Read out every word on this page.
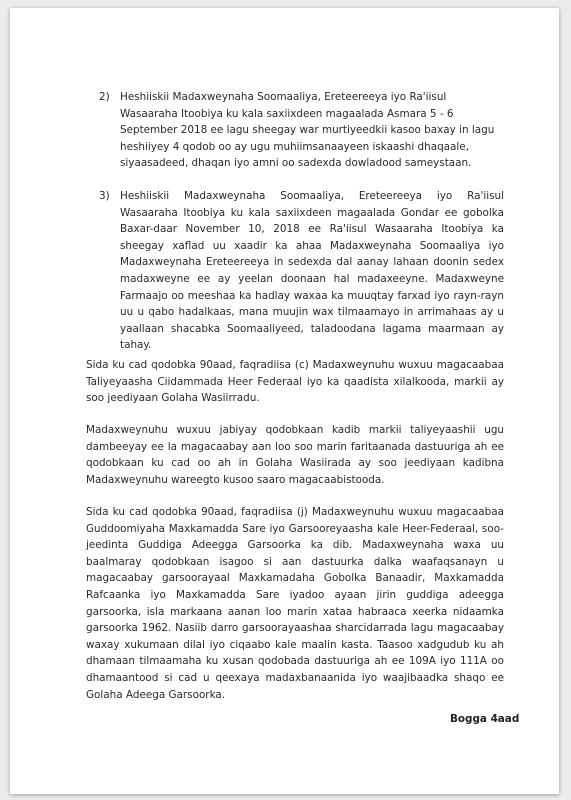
2) Heshiiskii Madaxweynaha Soomaaliya, Ereteereeya iyo Ra'iisul Wasaaraha Itoobiya ku kala saxiixdeen magaalada Asmara 5 - 6 September 2018 ee lagu sheegay war murtiyeedkii kasoo baxay in lagu heshiiyey 4 qodob oo ay ugu muhiimsanaayeen iskaashi dhaqaale, siyaasadeed, dhaqan iyo amni oo sadexda dowladood sameystaan.
3) Heshiiskii Madaxweynaha Soomaaliya, Ereteereeya iyo Ra'iisul Wasaaraha Itoobiya ku kala saxiixdeen magaalada Gondar ee gobolka Baxar-daar November 10, 2018 ee Ra'iisul Wasaaraha Itoobiya ka sheegay xaflad uu xaadir ka ahaa Madaxweynaha Soomaaliya iyo Madaxweynaha Ereteereeya in sedexda dal aanay lahaan doonin sedex madaxweyne ee ay yeelan doonaan hal madaxeeyne. Madaxweyne Farmaajo oo meeshaa ka hadlay waxaa ka muuqtay farxad iyo rayn-rayn uu u qabo hadalkaas, mana muujin wax tilmaamayo in arrimahaas ay u yaallaan shacabka Soomaaliyeed, taladoodana lagama maarmaan ay tahay.

Sida ku cad qodobka 90aad, faqradiisa (c) Madaxweynuhu wuxuu magacaabaa Taliyeyaasha Ciidammada Heer Federaal iyo ka qaadista xilalkooda, markii ay soo jeediyaan Golaha Wasiirradu.

Madaxweynuhu wuxuu jabiyay qodobkaan kadib markii taliyeyaashii ugu dambeeyay ee la magacaabay aan loo soo marin faritaanada dastuuriga ah ee qodobkaan ku cad oo ah in Golaha Wasiirada ay soo jeediyaan kadibna Madaxweynuhu wareegto kusoo saaro magacaabistooda.

Sida ku cad qodobka 90aad, faqradiisa (j) Madaxweynuhu wuxuu magacaabaa Guddoomiyaha Maxkamadda Sare iyo Garsooreyaasha kale Heer-Federaal, soo-jeedinta Guddiga Adeegga Garsoorka ka dib. Madaxweynaha waxa uu baalmaray qodobkaan isagoo si aan dastuurka dalka waafaqsanayn u magacaabay garsoorayaal Maxkamadaha Gobolka Banaadir, Maxkamadda Rafcaanka iyo Maxkamadda Sare iyadoo ayaan jirin guddiga adeegga garsoorka, isla markaana aanan loo marin xataa habraaca xeerka nidaamka garsoorka 1962. Nasiib darro garsoorayaashaa sharcidarrada lagu magacaabay waxay xukumaan dilal iyo ciqaabo kale maalin kasta. Taasoo xadgudub ku ah dhamaan tilmaamaha ku xusan qodobada dastuuriga ah ee 109A iyo 111A oo dhamaantood si cad u qeexaya madaxbanaanida iyo waajibaadka shaqo ee Golaha Adeega Garsoorka.

Bogga 4aad
